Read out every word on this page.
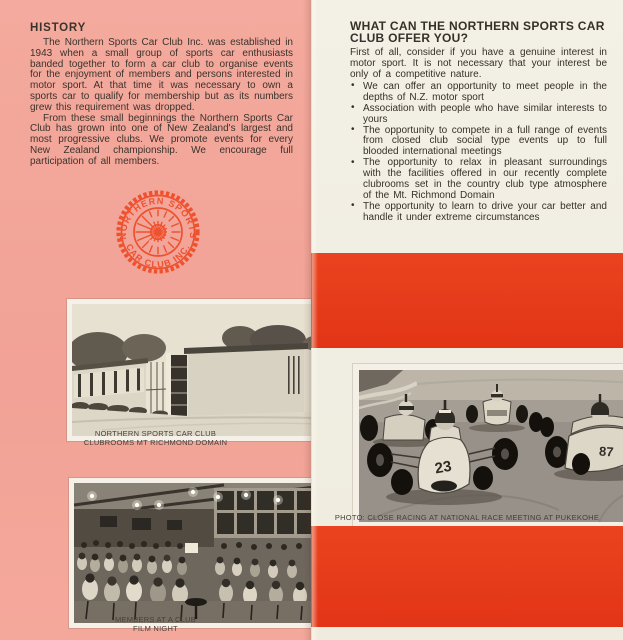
HISTORY

The Northern Sports Car Club Inc. was established in 1943 when a small group of sports car enthusiasts banded together to form a car club to organise events for the enjoyment of members and persons interested in motor sport. At that time it was necessary to own a sports car to qualify for membership but as its numbers grew this requirement was dropped.

From these small beginnings the Northern Sports Car Club has grown into one of New Zealand's largest and most progressive clubs. We promote events for every New Zealand championship. We encourage full participation of all members.

NORTHERN SPORTS
CAR CLUB INC.
NORTHERN SPORTS CAR CLUB
CLUBROOMS MT RICHMOND DOMAIN
MEMBERS AT A CLUB
FILM NIGHT
WHAT CAN THE NORTHERN SPORTS CAR
CLUB OFFER YOU?

First of all, consider if you have a genuine interest in motor sport. It is not necessary that your interest be only of a competitive nature.

• We can offer an opportunity to meet people in the depths of N.Z. motor sport
• Association with people who have similar interests to yours
• The opportunity to compete in a full range of events from closed club social type events up to full blooded international meetings
• The opportunity to relax in pleasant surroundings with the facilities offered in our recently complete clubrooms set in the country club type atmosphere of the Mt. Richmond Domain
• The opportunity to learn to drive your car better and handle it under extreme circumstances
23
87
PHOTO: CLOSE RACING AT NATIONAL RACE MEETING AT PUKEKOHE
